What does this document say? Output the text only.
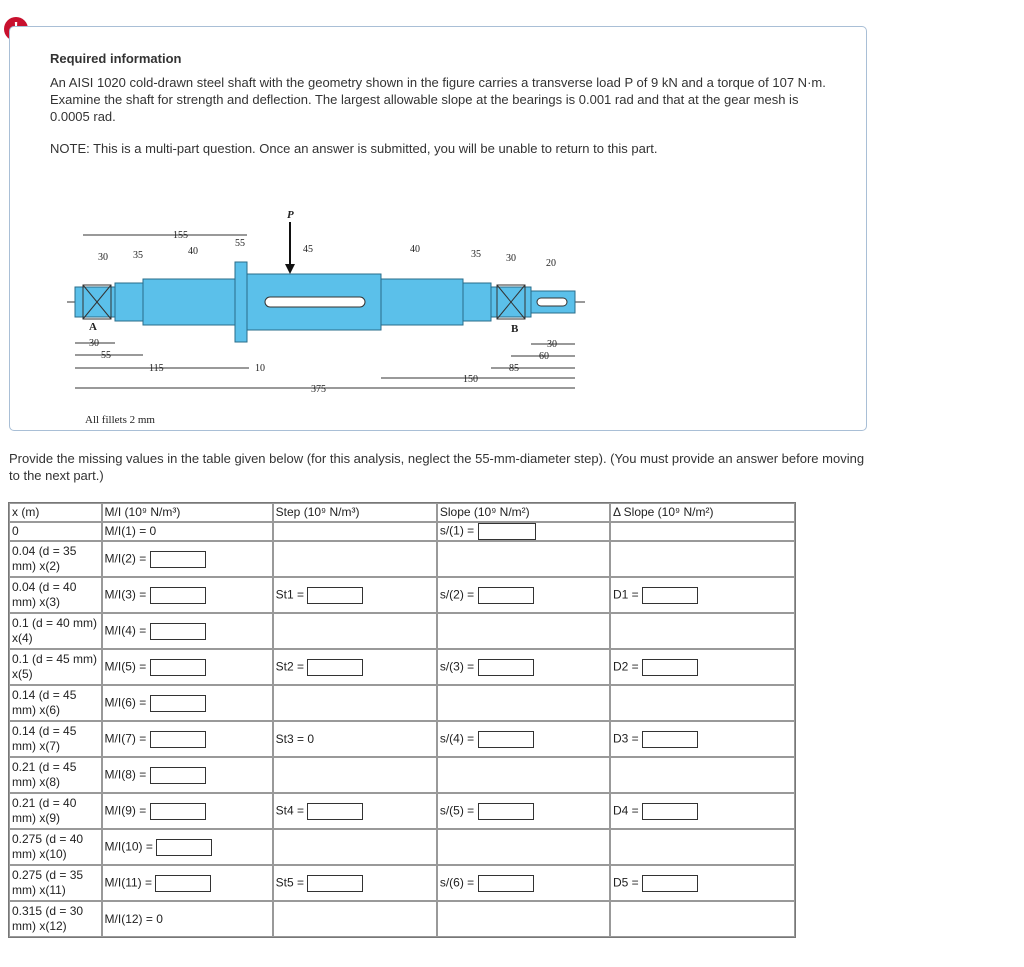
Required information
An AISI 1020 cold-drawn steel shaft with the geometry shown in the figure carries a transverse load P of 9 kN and a torque of 107 N·m. Examine the shaft for strength and deflection. The largest allowable slope at the bearings is 0.001 rad and that at the gear mesh is 0.0005 rad.
NOTE: This is a multi-part question. Once an answer is submitted, you will be unable to return to this part.
P
30	35	40
55
45	40	35	30	20
155
A	B
30
55
115	10
375
150
85
60
30
All fillets 2 mm
Provide the missing values in the table given below (for this analysis, neglect the 55-mm-diameter step). (You must provide an answer before moving to the next part.)
x (m)	M/I (10⁹ N/m³)	Step (10⁹ N/m³)	Slope (10⁹ N/m²)	Δ Slope (10⁹ N/m²)
0	M/I(1) = 0		s/(1) =	
0.04 (d = 35 mm) x(2)	M/I(2) =			
0.04 (d = 40 mm) x(3)	M/I(3) =	St1 =	s/(2) =	D1 =
0.1 (d = 40 mm) x(4)	M/I(4) =			
0.1 (d = 45 mm) x(5)	M/I(5) =	St2 =	s/(3) =	D2 =
0.14 (d = 45 mm) x(6)	M/I(6) =			
0.14 (d = 45 mm) x(7)	M/I(7) =	St3 = 0	s/(4) =	D3 =
0.21 (d = 45 mm) x(8)	M/I(8) =			
0.21 (d = 40 mm) x(9)	M/I(9) =	St4 =	s/(5) =	D4 =
0.275 (d = 40 mm) x(10)	M/I(10) =			
0.275 (d = 35 mm) x(11)	M/I(11) =	St5 =	s/(6) =	D5 =
0.315 (d = 30 mm) x(12)	M/I(12) = 0			
